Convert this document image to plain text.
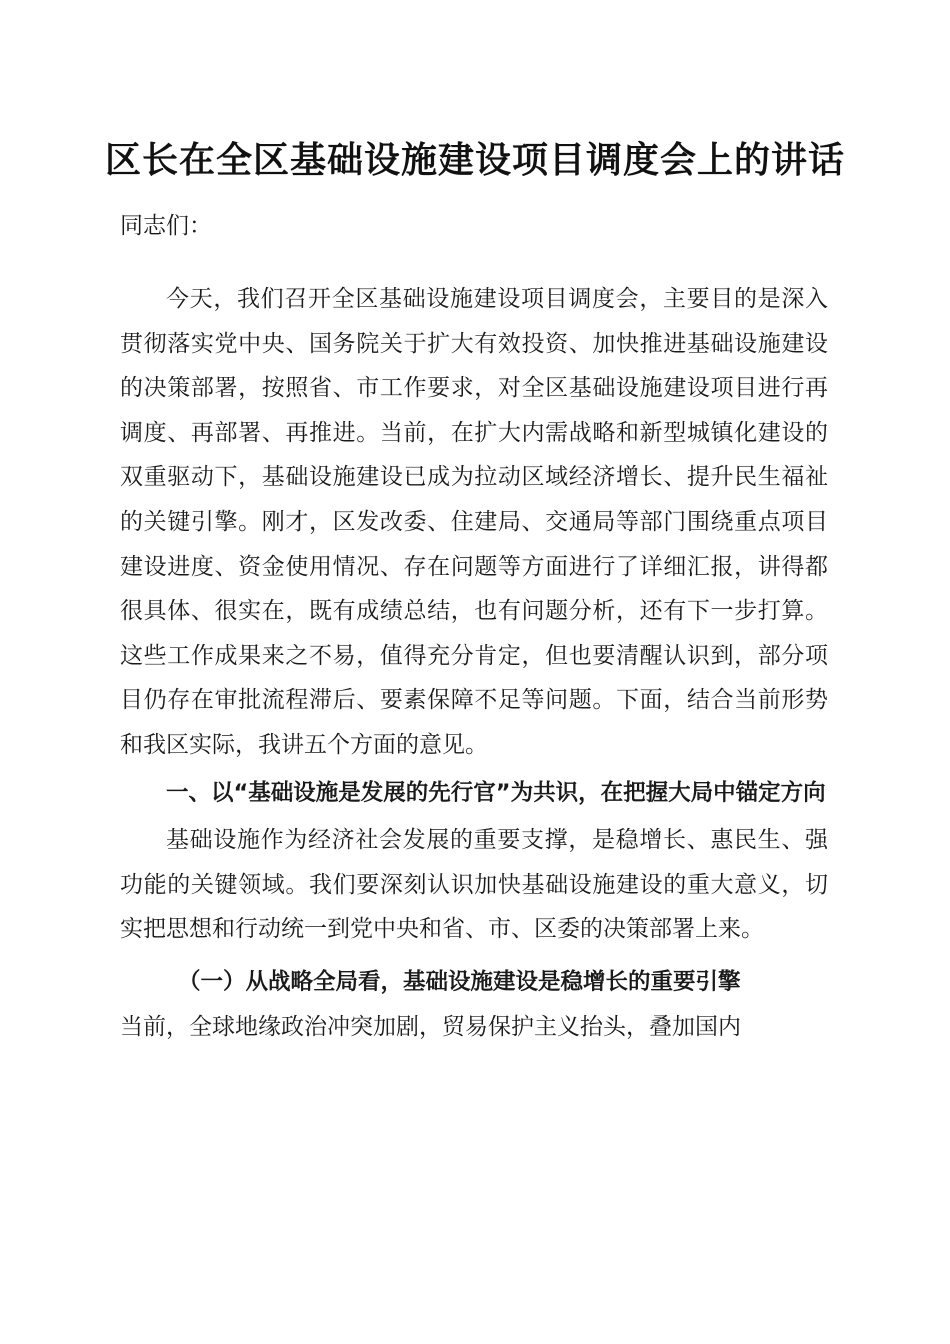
区长在全区基础设施建设项目调度会上的讲话
同志们：

今天，我们召开全区基础设施建设项目调度会，主要目的是深入贯彻落实党中央、国务院关于扩大有效投资、加快推进基础设施建设的决策部署，按照省、市工作要求，对全区基础设施建设项目进行再调度、再部署、再推进。当前，在扩大内需战略和新型城镇化建设的双重驱动下，基础设施建设已成为拉动区域经济增长、提升民生福祉的关键引擎。刚才，区发改委、住建局、交通局等部门围绕重点项目建设进度、资金使用情况、存在问题等方面进行了详细汇报，讲得都很具体、很实在，既有成绩总结，也有问题分析，还有下一步打算。这些工作成果来之不易，值得充分肯定，但也要清醒认识到，部分项目仍存在审批流程滞后、要素保障不足等问题。下面，结合当前形势和我区实际，我讲五个方面的意见。

一、以“基础设施是发展的先行官”为共识，在把握大局中锚定方向

基础设施作为经济社会发展的重要支撑，是稳增长、惠民生、强功能的关键领域。我们要深刻认识加快基础设施建设的重大意义，切实把思想和行动统一到党中央和省、市、区委的决策部署上来。

（一）从战略全局看，基础设施建设是稳增长的重要引擎

当前，全球地缘政治冲突加剧，贸易保护主义抬头，叠加国内
